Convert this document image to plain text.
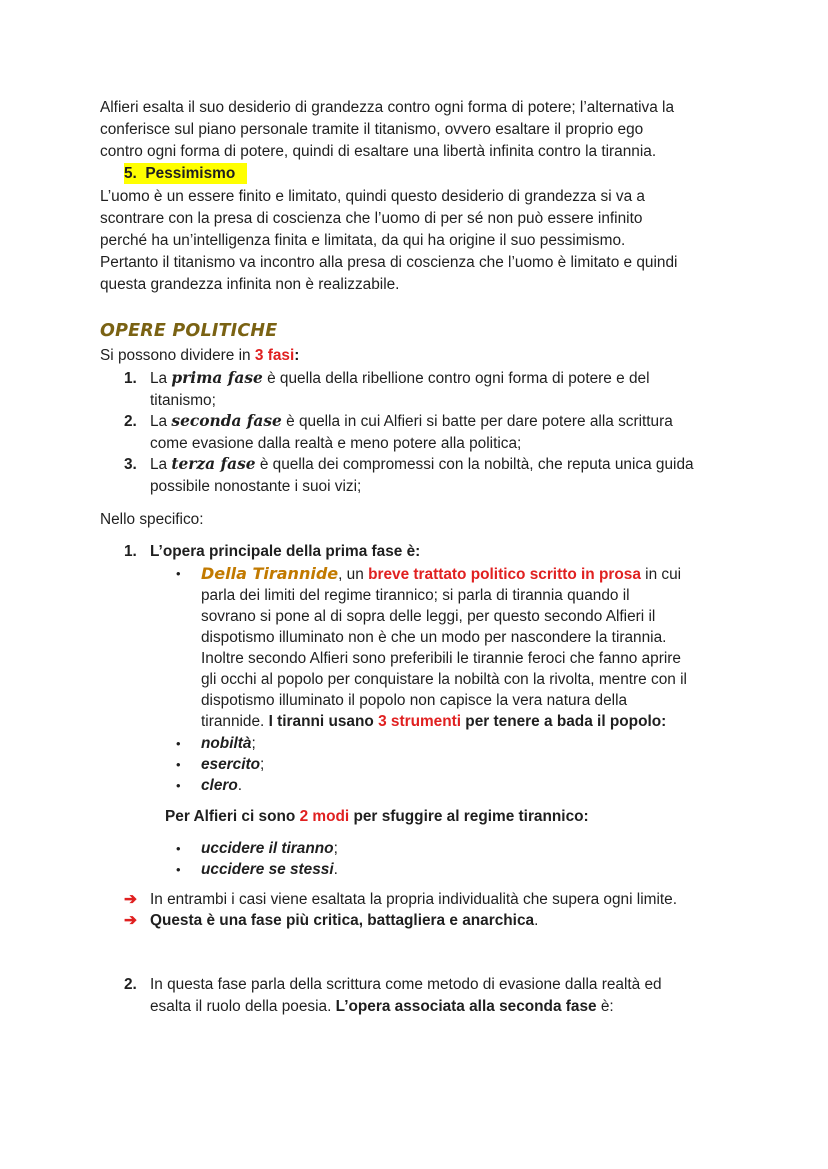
Alfieri esalta il suo desiderio di grandezza contro ogni forma di potere; l’alternativa la

conferisce sul piano personale tramite il titanismo, ovvero esaltare il proprio ego

contro ogni forma di potere, quindi di esaltare una libertà infinita contro la tirannia.

5. Pessimismo

L’uomo è un essere finito e limitato, quindi questo desiderio di grandezza si va a

scontrare con la presa di coscienza che l’uomo di per sé non può essere infinito

perché ha un’intelligenza finita e limitata, da qui ha origine il suo pessimismo.

Pertanto il titanismo va incontro alla presa di coscienza che l’uomo è limitato e quindi

questa grandezza infinita non è realizzabile.

OPERE POLITICHE

Si possono dividere in 3 fasi:

1. La prima fase è quella della ribellione contro ogni forma di potere e del
titanismo;
2. La seconda fase è quella in cui Alfieri si batte per dare potere alla scrittura
come evasione dalla realtà e meno potere alla politica;
3. La terza fase è quella dei compromessi con la nobiltà, che reputa unica guida
possibile nonostante i suoi vizi;

Nello specifico:

1. L’opera principale della prima fase è:
• Della Tirannide, un breve trattato politico scritto in prosa in cui
parla dei limiti del regime tirannico; si parla di tirannia quando il
sovrano si pone al di sopra delle leggi, per questo secondo Alfieri il
dispotismo illuminato non è che un modo per nascondere la tirannia.
Inoltre secondo Alfieri sono preferibili le tirannie feroci che fanno aprire
gli occhi al popolo per conquistare la nobiltà con la rivolta, mentre con il
dispotismo illuminato il popolo non capisce la vera natura della
tirannide. I tiranni usano 3 strumenti per tenere a bada il popolo:
• nobiltà;
• esercito;
• clero.

Per Alfieri ci sono 2 modi per sfuggire al regime tirannico:

• uccidere il tiranno;
• uccidere se stessi.
➔ In entrambi i casi viene esaltata la propria individualità che supera ogni limite.
➔ Questa è una fase più critica, battagliera e anarchica.
2. In questa fase parla della scrittura come metodo di evasione dalla realtà ed
esalta il ruolo della poesia. L’opera associata alla seconda fase è:
